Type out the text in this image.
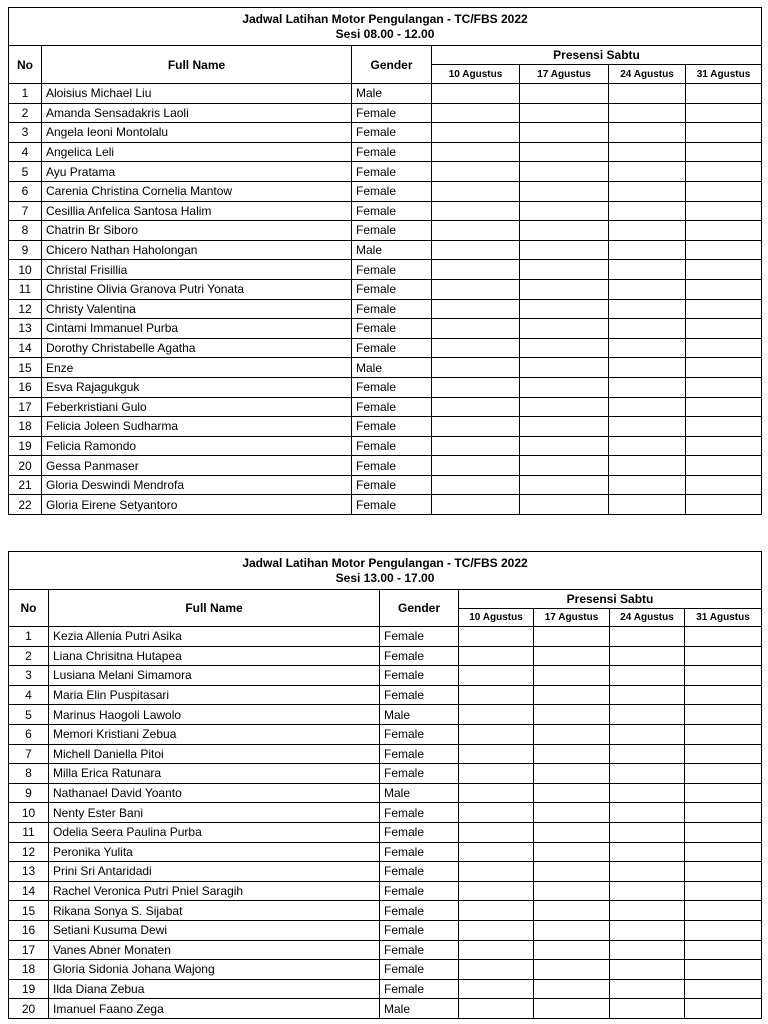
Jadwal Latihan Motor Pengulangan - TC/FBS 2022
Sesi 08.00 - 12.00						

No	Full Name	Gender	Presensi Sabtu			
			10 Agustus	17 Agustus	24 Agustus	31 Agustus
1	Aloisius Michael Liu	Male				
2	Amanda Sensadakris Laoli	Female				
3	Angela Ieoni Montolalu	Female				
4	Angelica Leli	Female				
5	Ayu Pratama	Female				
6	Carenia Christina Cornelia Mantow	Female				
7	Cesillia Anfelica Santosa Halim	Female				
8	Chatrin Br Siboro	Female				
9	Chicero Nathan Haholongan	Male				
10	Christal Frisillia	Female				
11	Christine Olivia Granova Putri Yonata	Female				
12	Christy Valentina	Female				
13	Cintami Immanuel Purba	Female				
14	Dorothy Christabelle Agatha	Female				
15	Enze	Male				
16	Esva Rajagukguk	Female				
17	Feberkristiani Gulo	Female				
18	Felicia Joleen Sudharma	Female				
19	Felicia Ramondo	Female				
20	Gessa Panmaser	Female				
21	Gloria Deswindi Mendrofa	Female				
22	Gloria Eirene Setyantoro	Female				
Jadwal Latihan Motor Pengulangan - TC/FBS 2022
Sesi 13.00 - 17.00						

No	Full Name	Gender	Presensi Sabtu			
			10 Agustus	17 Agustus	24 Agustus	31 Agustus
1	Kezia Allenia Putri Asika	Female				
2	Liana Chrisitna Hutapea	Female				
3	Lusiana Melani Simamora	Female				
4	Maria Elin Puspitasari	Female				
5	Marinus Haogoli Lawolo	Male				
6	Memori Kristiani Zebua	Female				
7	Michell Daniella Pitoi	Female				
8	Milla Erica Ratunara	Female				
9	Nathanael David Yoanto	Male				
10	Nenty Ester Bani	Female				
11	Odelia Seera Paulina Purba	Female				
12	Peronika Yulita	Female				
13	Prini Sri Antaridadi	Female				
14	Rachel Veronica Putri Pniel Saragih	Female				
15	Rikana Sonya S. Sijabat	Female				
16	Setiani Kusuma Dewi	Female				
17	Vanes Abner Monaten	Female				
18	Gloria Sidonia Johana Wajong	Female				
19	Ilda Diana Zebua	Female				
20	Imanuel Faano Zega	Male				
